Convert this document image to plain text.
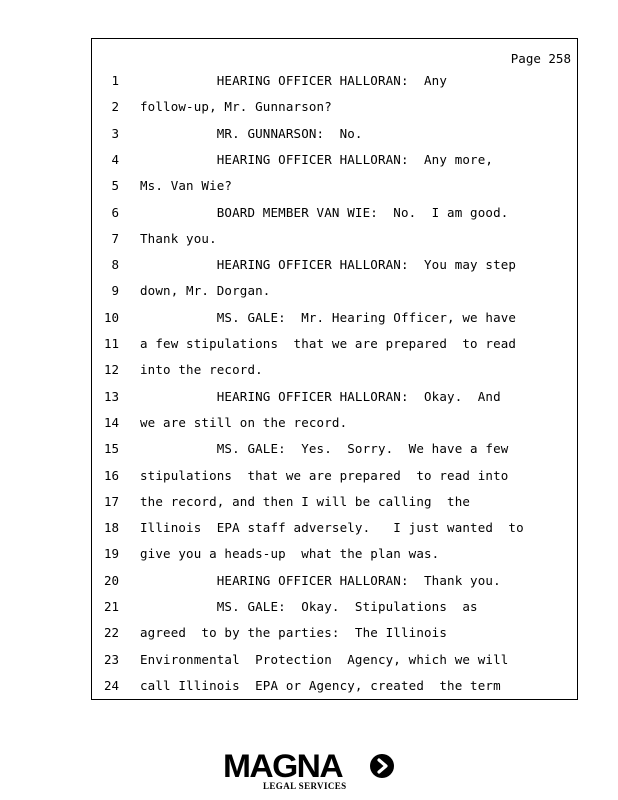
Page 258
1 HEARING OFFICER HALLORAN:  Any
2 follow-up, Mr. Gunnarson?
3 MR. GUNNARSON:  No.
4 HEARING OFFICER HALLORAN:  Any more,
5 Ms. Van Wie?
6 BOARD MEMBER VAN WIE:  No.  I am good.
7 Thank you.
8 HEARING OFFICER HALLORAN:  You may step
9 down, Mr. Dorgan.
10 MS. GALE:  Mr. Hearing Officer, we have
11 a few stipulations  that we are prepared  to read
12 into the record.
13 HEARING OFFICER HALLORAN:  Okay.  And
14 we are still on the record.
15 MS. GALE:  Yes.  Sorry.  We have a few
16 stipulations  that we are prepared  to read into
17 the record, and then I will be calling  the
18 Illinois  EPA staff adversely.   I just wanted  to
19 give you a heads-up  what the plan was.
20 HEARING OFFICER HALLORAN:  Thank you.
21 MS. GALE:  Okay.  Stipulations  as
22 agreed  to by the parties:  The Illinois
23 Environmental  Protection  Agency, which we will
24 call Illinois  EPA or Agency, created  the term
MAGNA
LEGAL SERVICES
